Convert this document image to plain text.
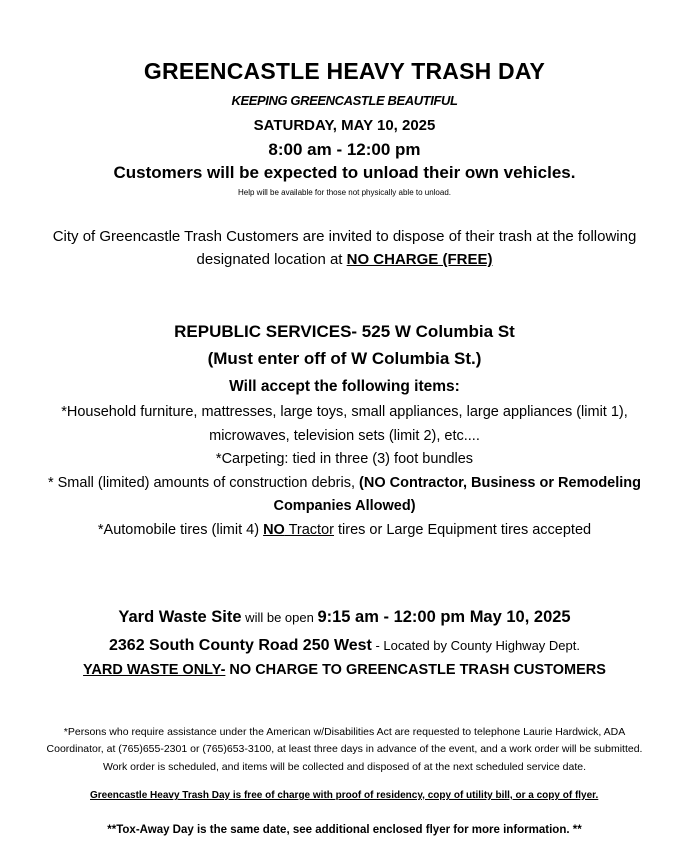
GREENCASTLE HEAVY TRASH DAY
KEEPING GREENCASTLE BEAUTIFUL
SATURDAY, MAY 10, 2025
8:00 am - 12:00 pm
Customers will be expected to unload their own vehicles.
Help will be available for those not physically able to unload.
City of Greencastle Trash Customers are invited to dispose of their trash at the following
designated location at NO CHARGE (FREE)
REPUBLIC SERVICES- 525 W Columbia St
(Must enter off of W Columbia St.)
Will accept the following items:
*Household furniture, mattresses, large toys, small appliances, large appliances (limit 1),
microwaves, television sets (limit 2), etc....
*Carpeting: tied in three (3) foot bundles
* Small (limited) amounts of construction debris, (NO Contractor, Business or Remodeling
Companies Allowed)
*Automobile tires (limit 4) NO Tractor tires or Large Equipment tires accepted
Yard Waste Site will be open 9:15 am - 12:00 pm May 10, 2025
2362 South County Road 250 West - Located by County Highway Dept.
YARD WASTE ONLY- NO CHARGE TO GREENCASTLE TRASH CUSTOMERS
*Persons who require assistance under the American w/Disabilities Act are requested to telephone Laurie Hardwick, ADA
Coordinator, at (765)655-2301 or (765)653-3100, at least three days in advance of the event, and a work order will be submitted.
Work order is scheduled, and items will be collected and disposed of at the next scheduled service date.
Greencastle Heavy Trash Day is free of charge with proof of residency, copy of utility bill, or a copy of flyer.
**Tox-Away Day is the same date, see additional enclosed flyer for more information. **
